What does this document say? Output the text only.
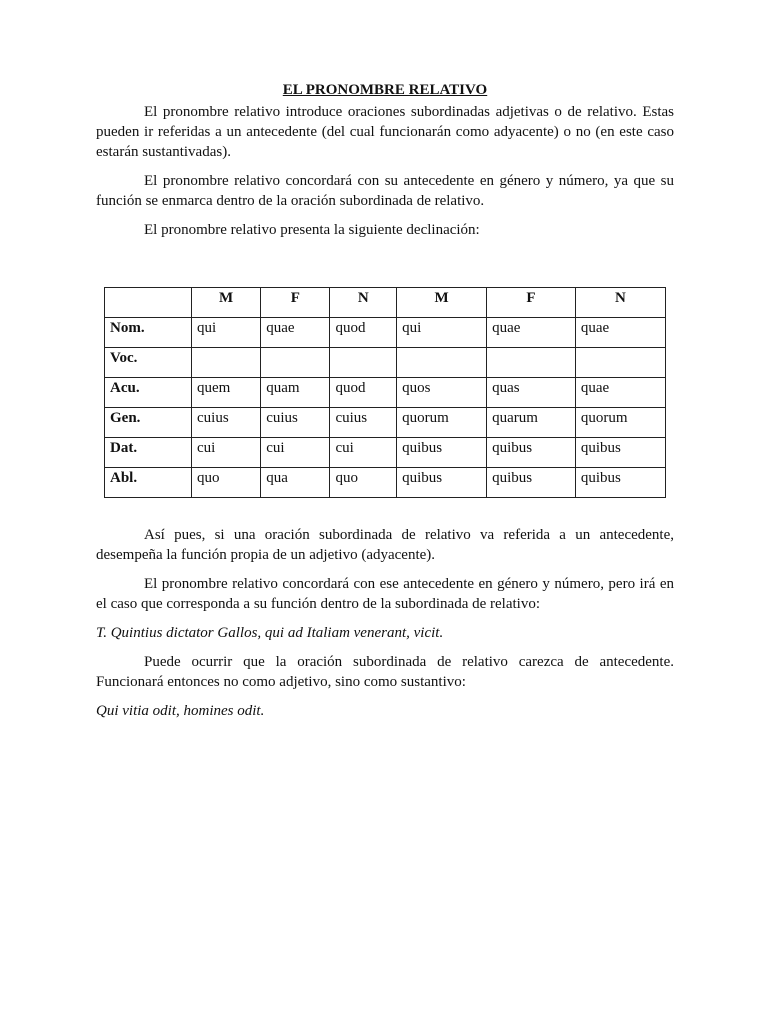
EL PRONOMBRE RELATIVO

El pronombre relativo introduce oraciones subordinadas adjetivas o de relativo. Estas pueden ir referidas a un antecedente (del cual funcionarán como adyacente) o no (en este caso estarán sustantivadas).

El pronombre relativo concordará con su antecedente en género y número, ya que su función se enmarca dentro de la oración subordinada de relativo.

El pronombre relativo presenta la siguiente declinación:

	M	F	N	M	F	N
Nom.	qui	quae	quod	qui	quae	quae
Voc.						
Acu.	quem	quam	quod	quos	quas	quae
Gen.	cuius	cuius	cuius	quorum	quarum	quorum
Dat.	cui	cui	cui	quibus	quibus	quibus
Abl.	quo	qua	quo	quibus	quibus	quibus

Así pues, si una oración subordinada de relativo va referida a un antecedente, desempeña la función propia de un adjetivo (adyacente).

El pronombre relativo concordará con ese antecedente en género y número, pero irá en el caso que corresponda a su función dentro de la subordinada de relativo:

T. Quintius dictator Gallos, qui ad Italiam venerant, vicit.

Puede ocurrir que la oración subordinada de relativo carezca de antecedente. Funcionará entonces no como adjetivo, sino como sustantivo:

Qui vitia odit, homines odit.
